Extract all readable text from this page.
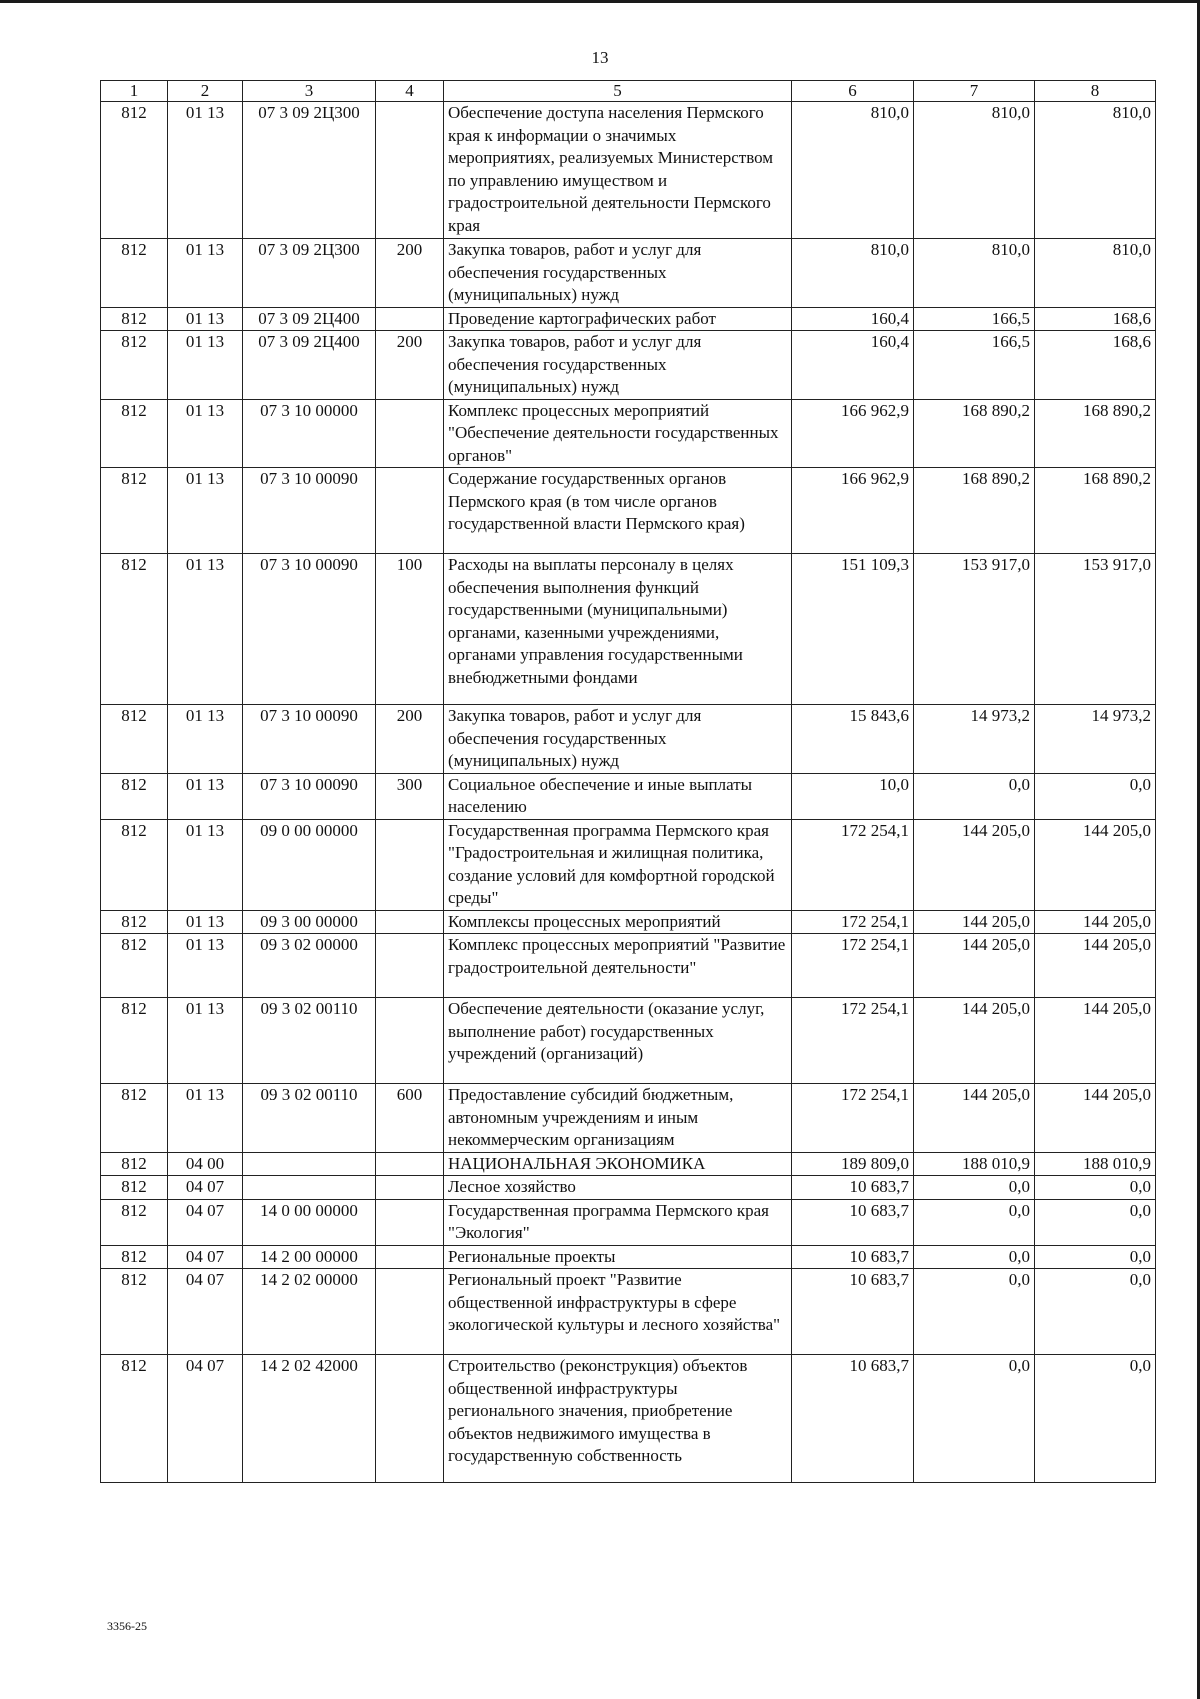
13
1	2	3	4	5	6	7	8
812	01 13	07 3 09 2Ц300		Обеспечение доступа населения Пермского края к информации о значимых мероприятиях, реализуемых Министерством по управлению имуществом и градостроительной деятельности Пермского края	810,0	810,0	810,0
812	01 13	07 3 09 2Ц300	200	Закупка товаров, работ и услуг для обеспечения государственных (муниципальных) нужд	810,0	810,0	810,0
812	01 13	07 3 09 2Ц400		Проведение картографических работ	160,4	166,5	168,6
812	01 13	07 3 09 2Ц400	200	Закупка товаров, работ и услуг для обеспечения государственных (муниципальных) нужд	160,4	166,5	168,6
812	01 13	07 3 10 00000		Комплекс процессных мероприятий "Обеспечение деятельности государственных органов"	166 962,9	168 890,2	168 890,2
812	01 13	07 3 10 00090		Содержание государственных органов Пермского края (в том числе органов государственной власти Пермского края)	166 962,9	168 890,2	168 890,2
812	01 13	07 3 10 00090	100	Расходы на выплаты персоналу в целях обеспечения выполнения функций государственными (муниципальными) органами, казенными учреждениями, органами управления государственными внебюджетными фондами	151 109,3	153 917,0	153 917,0
812	01 13	07 3 10 00090	200	Закупка товаров, работ и услуг для обеспечения государственных (муниципальных) нужд	15 843,6	14 973,2	14 973,2
812	01 13	07 3 10 00090	300	Социальное обеспечение и иные выплаты населению	10,0	0,0	0,0
812	01 13	09 0 00 00000		Государственная программа Пермского края "Градостроительная и жилищная политика, создание условий для комфортной городской среды"	172 254,1	144 205,0	144 205,0
812	01 13	09 3 00 00000		Комплексы процессных мероприятий	172 254,1	144 205,0	144 205,0
812	01 13	09 3 02 00000		Комплекс процессных мероприятий "Развитие градостроительной деятельности"	172 254,1	144 205,0	144 205,0
812	01 13	09 3 02 00110		Обеспечение деятельности (оказание услуг, выполнение работ) государственных учреждений (организаций)	172 254,1	144 205,0	144 205,0
812	01 13	09 3 02 00110	600	Предоставление субсидий бюджетным, автономным учреждениям и иным некоммерческим организациям	172 254,1	144 205,0	144 205,0
812	04 00			НАЦИОНАЛЬНАЯ ЭКОНОМИКА	189 809,0	188 010,9	188 010,9
812	04 07			Лесное хозяйство	10 683,7	0,0	0,0
812	04 07	14 0 00 00000		Государственная программа Пермского края "Экология"	10 683,7	0,0	0,0
812	04 07	14 2 00 00000		Региональные проекты	10 683,7	0,0	0,0
812	04 07	14 2 02 00000		Региональный проект "Развитие общественной инфраструктуры в сфере экологической культуры и лесного хозяйства"	10 683,7	0,0	0,0
812	04 07	14 2 02 42000		Строительство (реконструкция) объектов общественной инфраструктуры регионального значения, приобретение объектов недвижимого имущества в государственную собственность	10 683,7	0,0	0,0
3356-25
